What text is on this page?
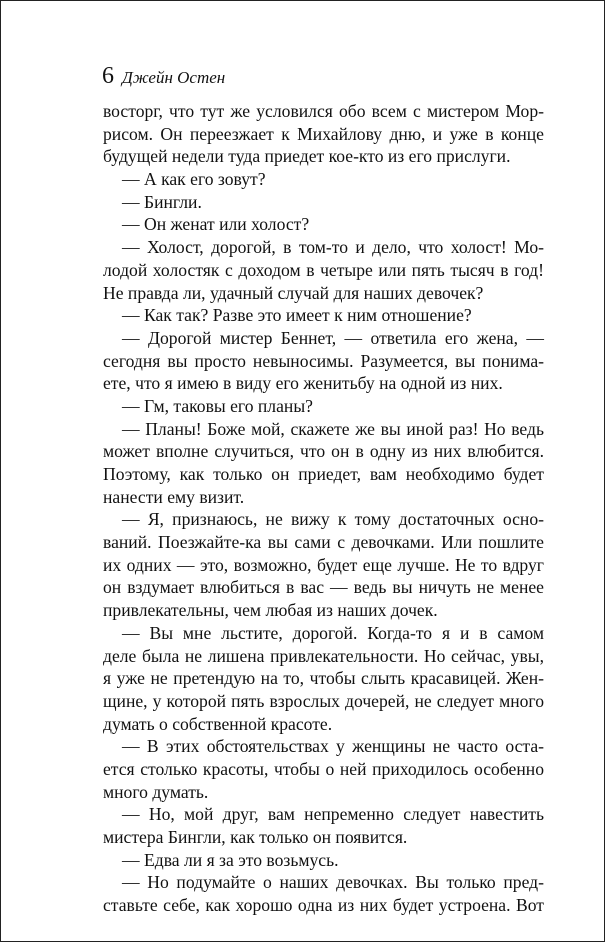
6 Джейн Остен
восторг, что тут же условился обо всем с мистером Мор-
рисом. Он переезжает к Михайлову дню, и уже в конце
будущей недели туда приедет кое-кто из его прислуги.
— А как его зовут?
— Бингли.
— Он женат или холост?
— Холост, дорогой, в том-то и дело, что холост! Мо-
лодой холостяк с доходом в четыре или пять тысяч в год!
Не правда ли, удачный случай для наших девочек?
— Как так? Разве это имеет к ним отношение?
— Дорогой мистер Беннет, — ответила его жена, —
сегодня вы просто невыносимы. Разумеется, вы понима-
ете, что я имею в виду его женитьбу на одной из них.
— Гм, таковы его планы?
— Планы! Боже мой, скажете же вы иной раз! Но ведь
может вполне случиться, что он в одну из них влюбится.
Поэтому, как только он приедет, вам необходимо будет
нанести ему визит.
— Я, признаюсь, не вижу к тому достаточных осно-
ваний. Поезжайте-ка вы сами с девочками. Или пошлите
их одних — это, возможно, будет еще лучше. Не то вдруг
он вздумает влюбиться в вас — ведь вы ничуть не менее
привлекательны, чем любая из наших дочек.
— Вы мне льстите, дорогой. Когда-то я и в самом
деле была не лишена привлекательности. Но сейчас, увы,
я уже не претендую на то, чтобы слыть красавицей. Жен-
щине, у которой пять взрослых дочерей, не следует много
думать о собственной красоте.
— В этих обстоятельствах у женщины не часто оста-
ется столько красоты, чтобы о ней приходилось особенно
много думать.
— Но, мой друг, вам непременно следует навестить
мистера Бингли, как только он появится.
— Едва ли я за это возьмусь.
— Но подумайте о наших девочках. Вы только пред-
ставьте себе, как хорошо одна из них будет устроена. Вот
